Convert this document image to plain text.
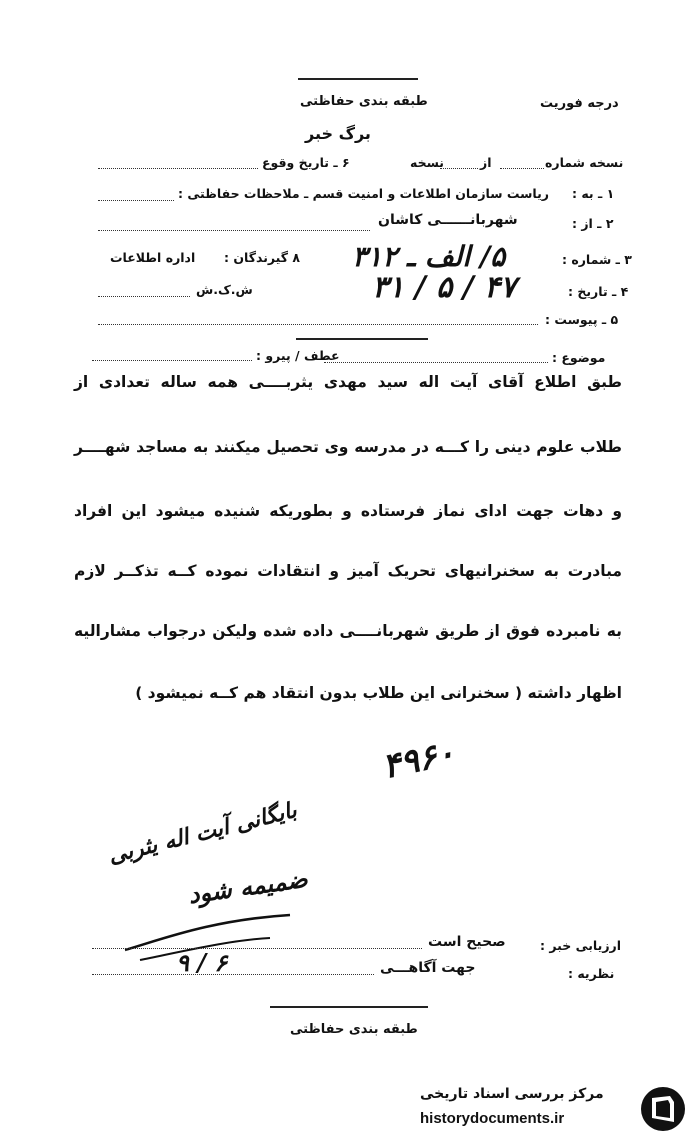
طبقه بندی حفاظتی	درجه فوریت
برگ خبر
نسخه شماره
از
نسخه
۶ ـ تاریخ وقوع
۱ ـ به :
ریاست سازمان اطلاعات و امنیت قسم ـ ملاحظات حفاظتی :
۲ ـ از :
شهربانــــــی کاشان
۳ ـ شماره :
۵/ الف ـ ۳۱۲
۸ گیرندگان :
اداره اطلاعات
۴ ـ تاریخ :
۳۱ / ۵ / ۴۷
ش.ک.ش
۵ ـ پیوست :
موضوع :
عطف / پیرو :
طبق اطلاع آقای آیت اله سید مهدی یثربــــی همه ساله تعدادی از
طلاب علوم دینی را کـــه در مدرسه وی تحصیل میکنند به مساجد شهــــر
و دهات جهت ادای نماز فرستاده و بطوریکه شنیده میشود این افراد
مبادرت به سخنرانیهای تحریک آمیز و انتقادات نموده کــه تذکــر لازم
به نامبرده فوق از طریق شهربانــــی داده شده ولیکن درجواب مشارالیه
اظهار داشته ( سخنرانی این طلاب بدون انتقاد هم کــه نمیشود )
۴۹۶۰
بایگانی آیت اله یثربی
ضمیمه شود
۹ / ۶
ارزیابی خبر :
صحیح است
نظریه :
جهت آگاهـــی
طبقه بندی حفاظتی
مرکز بررسی اسناد تاریخی
historydocuments.ir
